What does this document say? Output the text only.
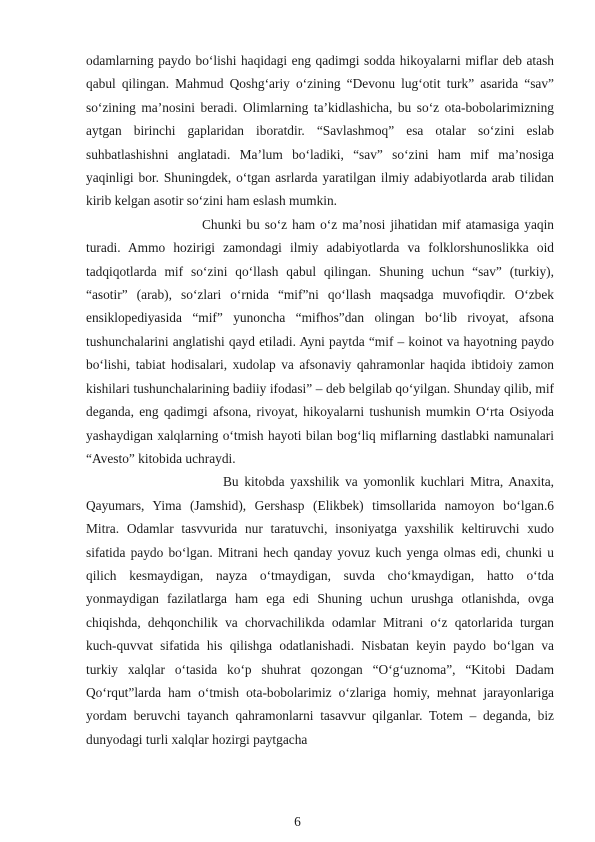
odamlarning paydo bo‘lishi haqidagi eng qadimgi sodda hikoyalarni miflar deb atash qabul qilingan. Mahmud Qoshg‘ariy o‘zining “Devonu lug‘otit turk” asarida “sav” so‘zining ma’nosini beradi. Olimlarning ta’kidlashicha, bu so‘z ota-bobolarimizning aytgan birinchi gaplaridan iboratdir. “Savlashmoq” esa otalar so‘zini eslab suhbatlashishni anglatadi. Ma’lum bo‘ladiki, “sav” so‘zini ham mif ma’nosiga yaqinligi bor. Shuningdek, o‘tgan asrlarda yaratilgan ilmiy adabiyotlarda arab tilidan kirib kelgan asotir so‘zini ham eslash mumkin.

Chunki bu so‘z ham o‘z ma’nosi jihatidan mif atamasiga yaqin turadi. Ammo hozirigi zamondagi ilmiy adabiyotlarda va folklorshunoslikka oid tadqiqotlarda mif so‘zini qo‘llash qabul qilingan. Shuning uchun “sav” (turkiy), “asotir” (arab), so‘zlari o‘rnida “mif”ni qo‘llash maqsadga muvofiqdir. O‘zbek ensiklopediyasida “mif” yunoncha “mifhos”dan olingan bo‘lib rivoyat, afsona tushunchalarini anglatishi qayd etiladi. Ayni paytda “mif – koinot va hayotning paydo bo‘lishi, tabiat hodisalari, xudolap va afsonaviy qahramonlar haqida ibtidoiy zamon kishilari tushunchalarining badiiy ifodasi” – deb belgilab qo‘yilgan. Shunday qilib, mif deganda, eng qadimgi afsona, rivoyat, hikoyalarni tushunish mumkin O‘rta Osiyoda yashaydigan xalqlarning o‘tmish hayoti bilan bog‘liq miflarning dastlabki namunalari “Avesto” kitobida uchraydi.

Bu kitobda yaxshilik va yomonlik kuchlari Mitra, Anaxita, Qayumars, Yima (Jamshid), Gershasp (Elikbek) timsollarida namoyon bo‘lgan.6 Mitra. Odamlar tasvvurida nur taratuvchi, insoniyatga yaxshilik keltiruvchi xudo sifatida paydo bo‘lgan. Mitrani hech qanday yovuz kuch yenga olmas edi, chunki u qilich kesmaydigan, nayza o‘tmaydigan, suvda cho‘kmaydigan, hatto o‘tda yonmaydigan fazilatlarga ham ega edi Shuning uchun urushga otlanishda, ovga chiqishda, dehqonchilik va chorvachilikda odamlar Mitrani o‘z qatorlarida turgan kuch-quvvat sifatida his qilishga odatlanishadi. Nisbatan keyin paydo bo‘lgan va turkiy xalqlar o‘tasida ko‘p shuhrat qozongan “O‘g‘uznoma”, “Kitobi Dadam Qo‘rqut”larda ham o‘tmish ota-bobolarimiz o‘zlariga homiy, mehnat jarayonlariga yordam beruvchi tayanch qahramonlarni tasavvur qilganlar. Totem – deganda, biz dunyodagi turli xalqlar hozirgi paytgacha

6
